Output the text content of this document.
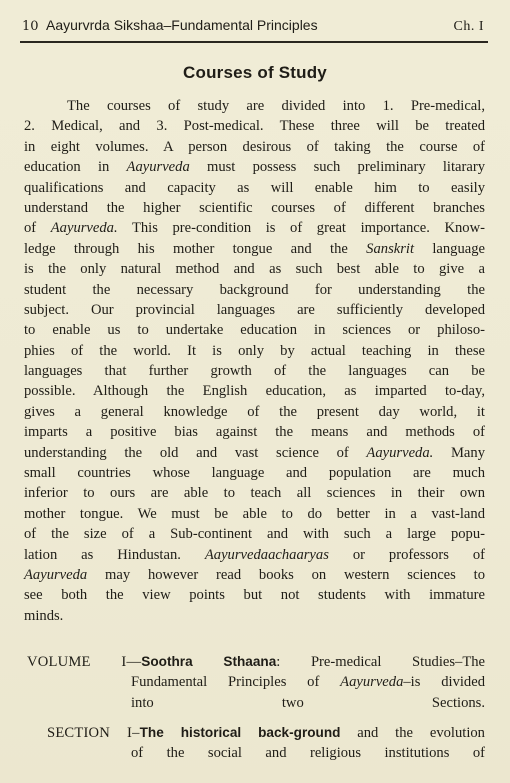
10 Aayurvrda Sikshaa–Fundamental Principles	Ch. I
Courses of Study
The courses of study are divided into 1. Pre-medical,
2. Medical, and 3. Post-medical. These three will be treated
in eight volumes. A person desirous of taking the course of
education in Aayurveda must possess such preliminary litarary
qualifications and capacity as will enable him to easily
understand the higher scientific courses of different branches
of Aayurveda. This pre-condition is of great importance. Know-
ledge through his mother tongue and the Sanskrit language
is the only natural method and as such best able to give a
student the necessary background for understanding the
subject. Our provincial languages are sufficiently developed
to enable us to undertake education in sciences or philoso-
phies of the world. It is only by actual teaching in these
languages that further growth of the languages can be
possible. Although the English education, as imparted to-day,
gives a general knowledge of the present day world, it
imparts a positive bias against the means and methods of
understanding the old and vast science of Aayurveda. Many
small countries whose language and population are much
inferior to ours are able to teach all sciences in their own
mother tongue. We must be able to do better in a vast-land
of the size of a Sub-continent and with such a large popu-
lation as Hindustan. Aayurvedaachaaryas or professors of
Aayurveda may however read books on western sciences to
see both the view points but not students with immature
minds.
VOLUME I—Soothra Sthaana: Pre-medical Studies–The
Fundamental Principles of Aayurveda–is divided
into two Sections.
SECTION I–The historical back-ground and the evolution
of the social and religious institutions of
